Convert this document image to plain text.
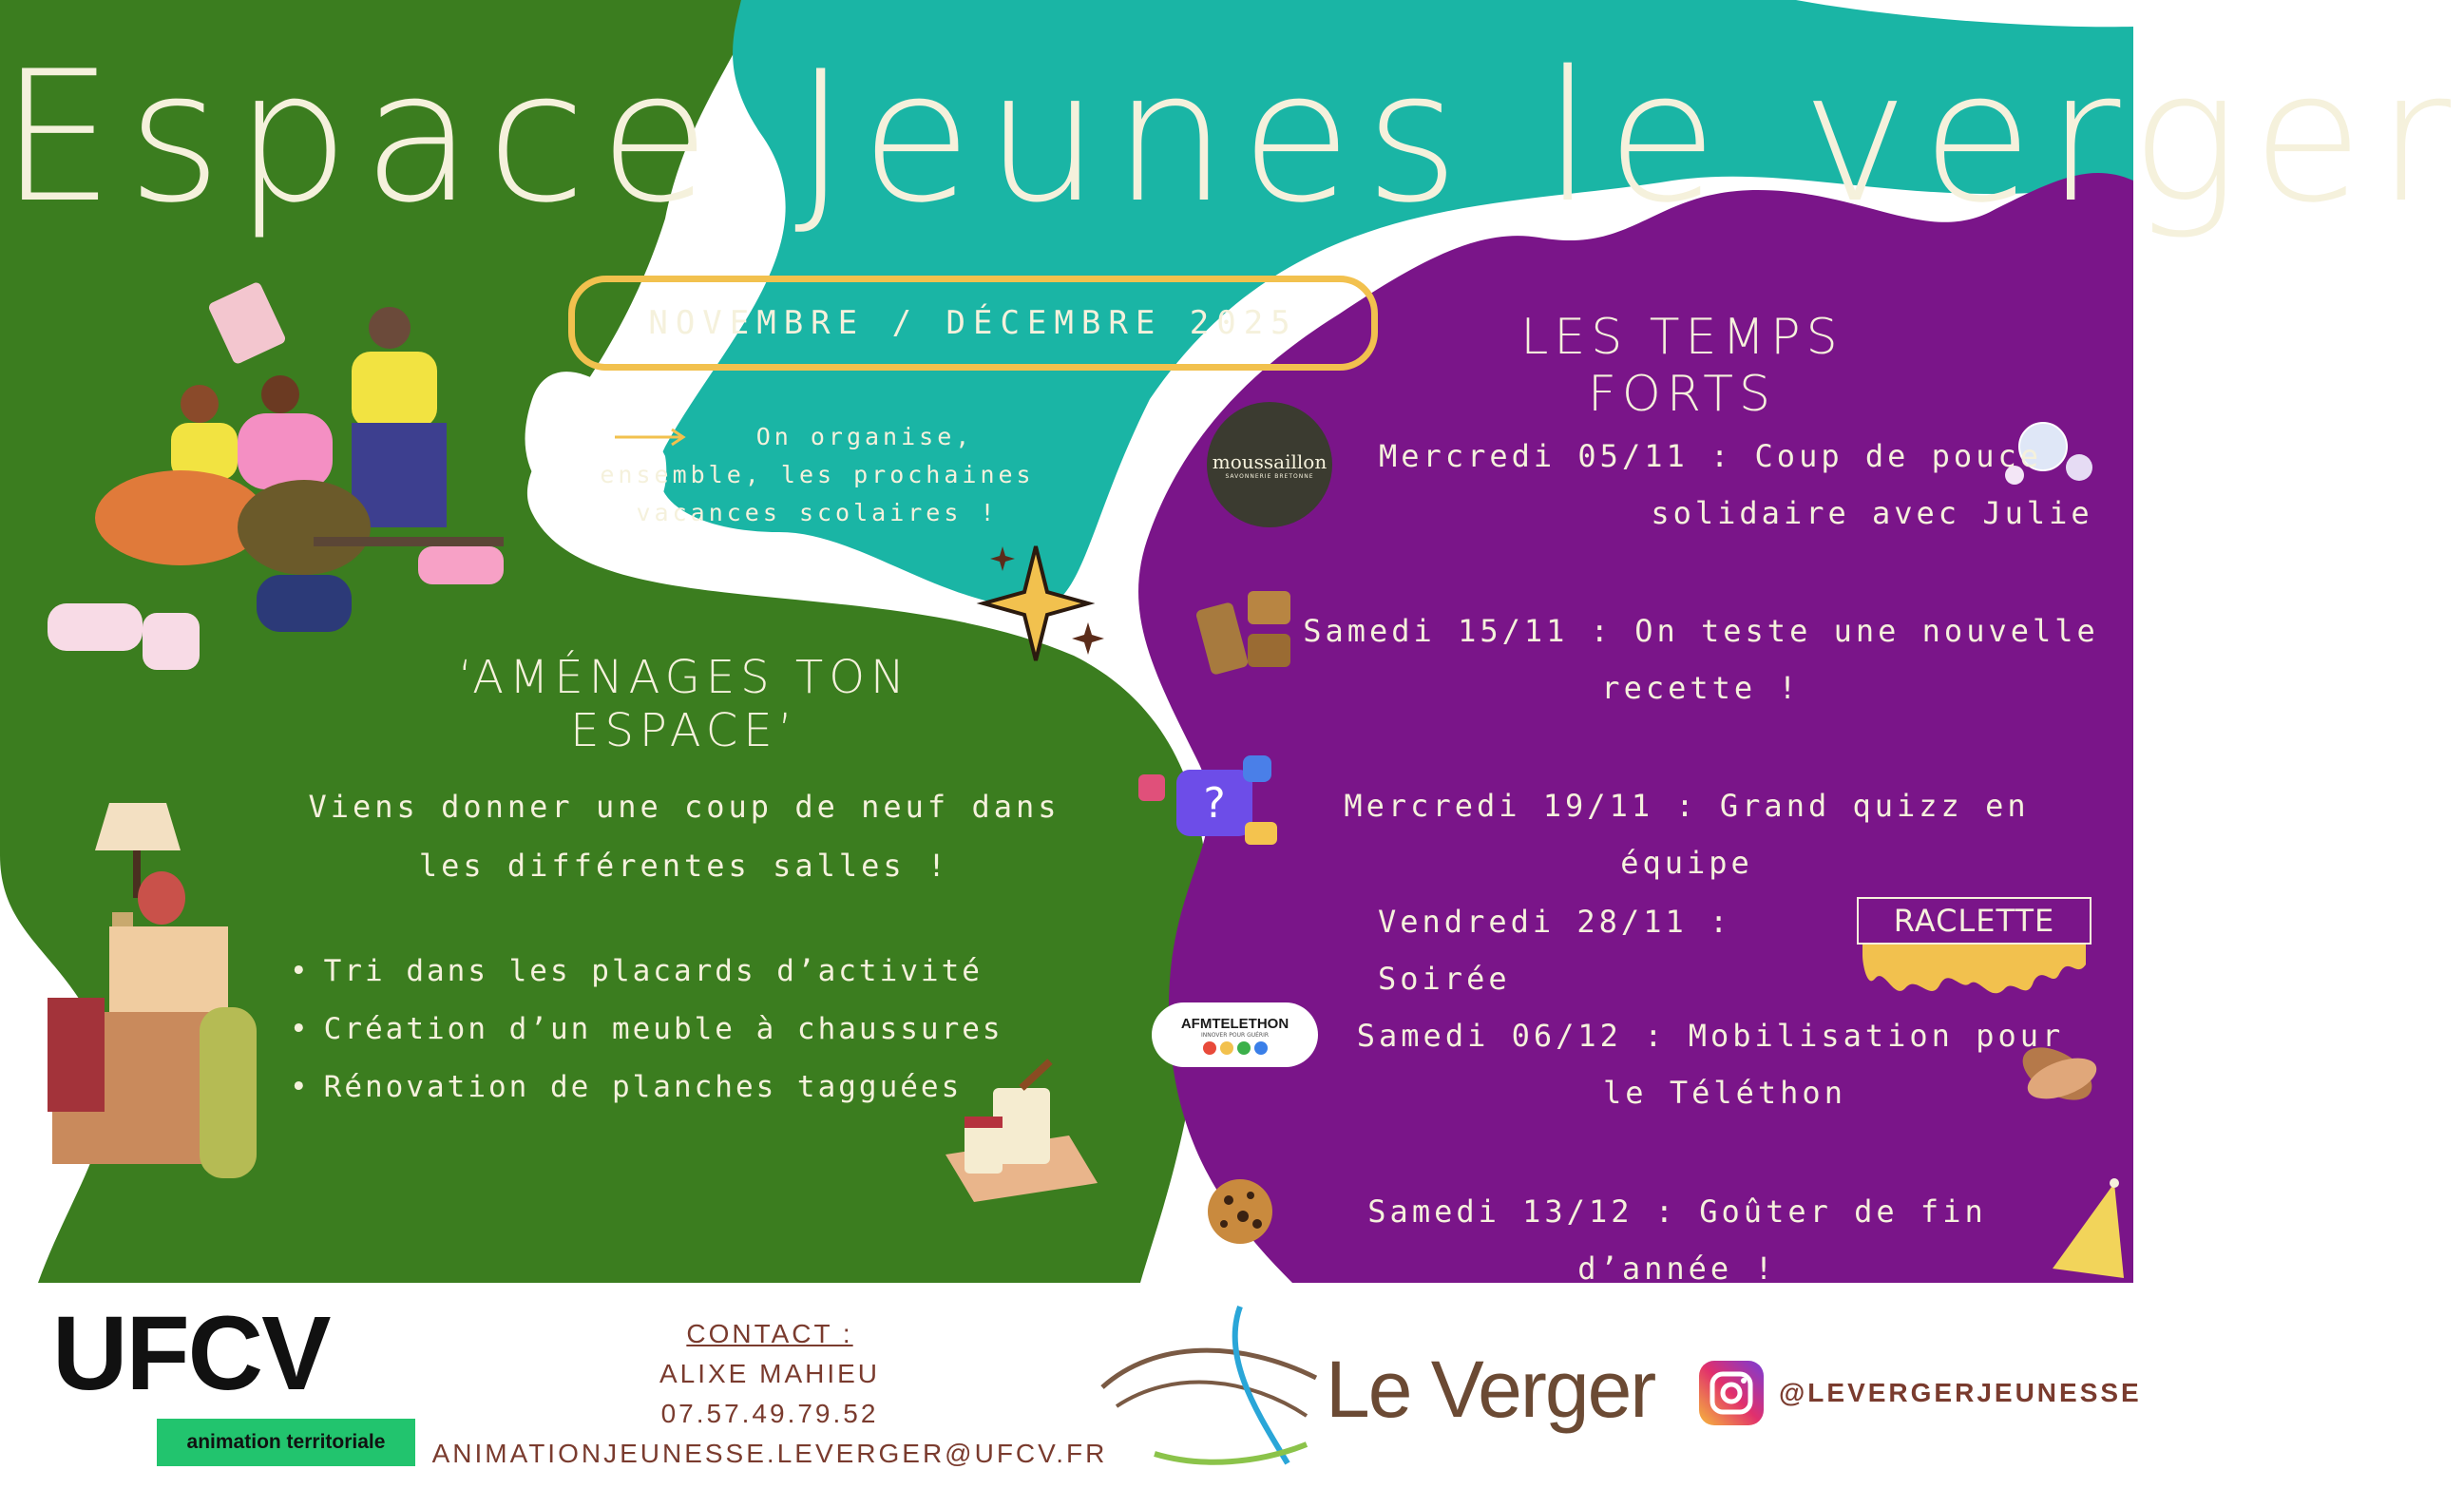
Espace Jeunes le verger
NOVEMBRE / DÉCEMBRE 2025
On organise,
ensemble, les prochaines
vacances scolaires !
‘AMÉNAGES TON ESPACE’
Viens donner une coup de neuf dans
les différentes salles !
• Tri dans les placards d’activité
• Création d’un meuble à chaussures
• Rénovation de planches tagguées
LES TEMPS FORTS
moussaillon
SAVONNERIE BRETONNE
Mercredi 05/11 : Coup de pouce
solidaire avec Julie
Samedi 15/11 : On teste une nouvelle
recette !
?	Mercredi 19/11 : Grand quizz en équipe
Vendredi 28/11 : Soirée
RACLETTE
AFMTELETHON
INNOVER POUR GUÉRIR	Samedi 06/12 : Mobilisation pour
le Téléthon
Samedi 13/12 : Goûter de fin d’année !
UFCV
animation territoriale
CONTACT :
ALIXE MAHIEU
07.57.49.79.52
ANIMATIONJEUNESSE.LEVERGER@UFCV.FR
Le Verger	@LEVERGERJEUNESSE
